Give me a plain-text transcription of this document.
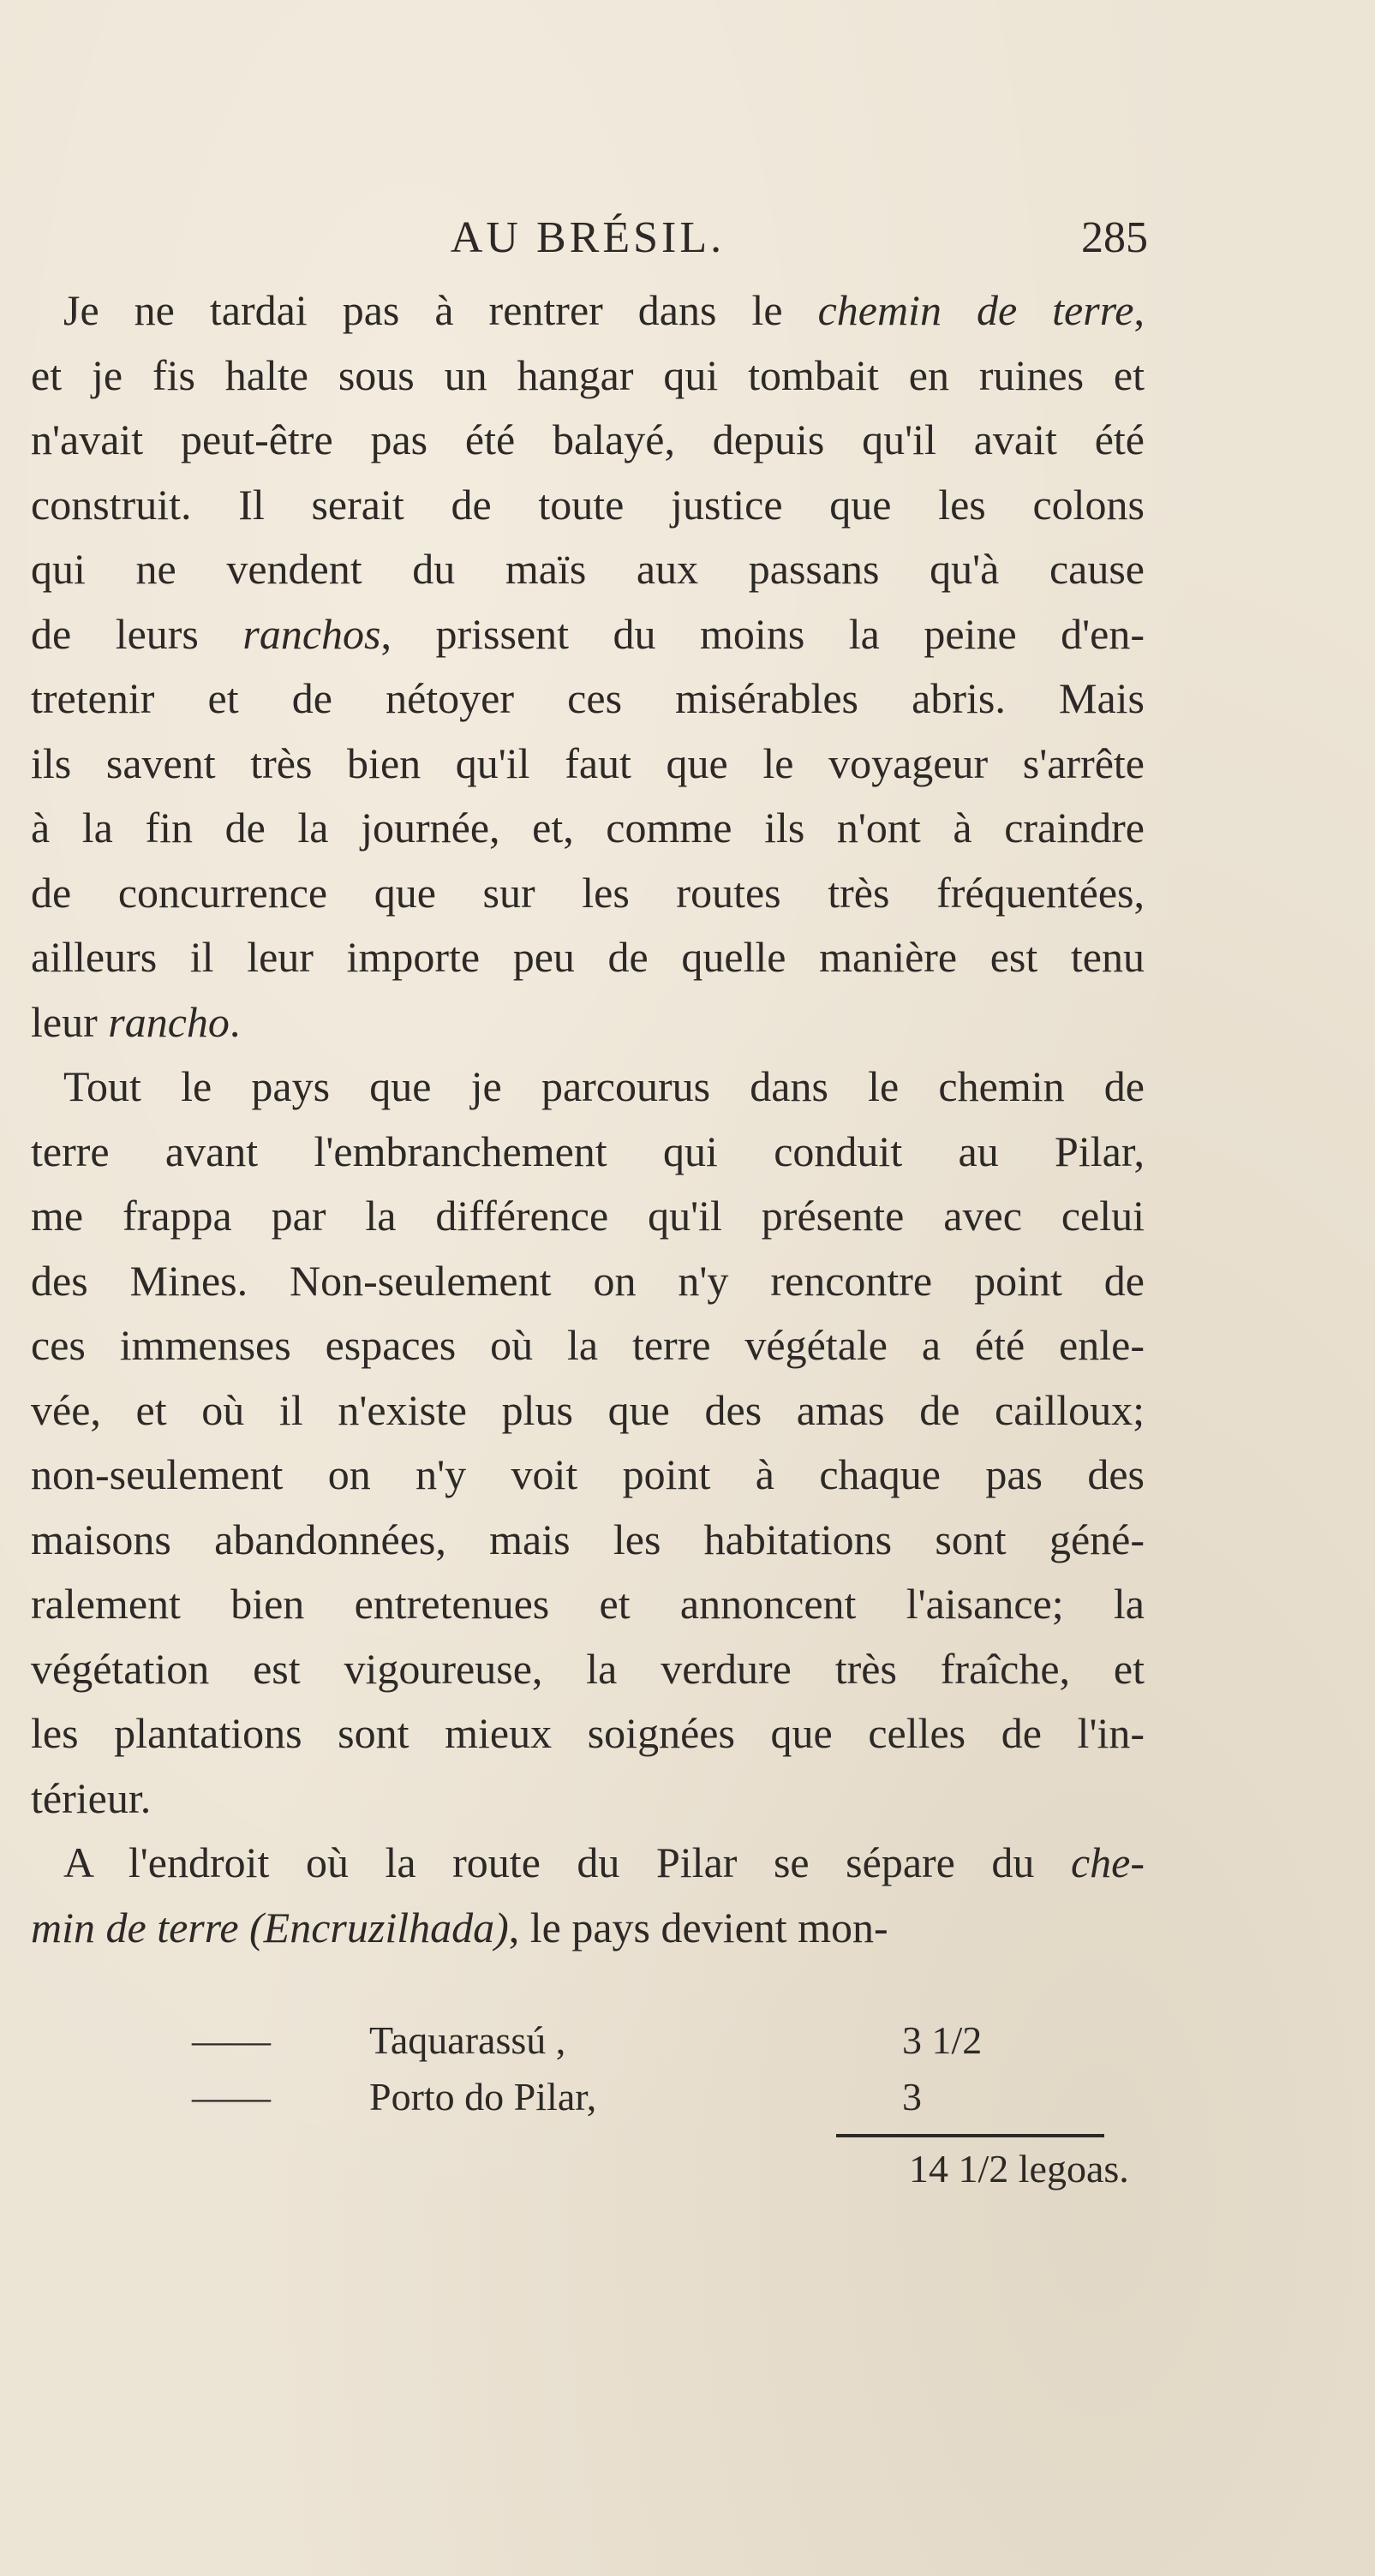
AU BRÉSIL.	285
Je ne tardai pas à rentrer dans le chemin de terre,
et je fis halte sous un hangar qui tombait en ruines et
n'avait peut-être pas été balayé, depuis qu'il avait été
construit. Il serait de toute justice que les colons
qui ne vendent du maïs aux passans qu'à cause
de leurs ranchos, prissent du moins la peine d'en-
tretenir et de nétoyer ces misérables abris. Mais
ils savent très bien qu'il faut que le voyageur s'arrête
à la fin de la journée, et, comme ils n'ont à craindre
de concurrence que sur les routes très fréquentées,
ailleurs il leur importe peu de quelle manière est tenu
leur rancho.
Tout le pays que je parcourus dans le chemin de
terre avant l'embranchement qui conduit au Pilar,
me frappa par la différence qu'il présente avec celui
des Mines. Non-seulement on n'y rencontre point de
ces immenses espaces où la terre végétale a été enle-
vée, et où il n'existe plus que des amas de cailloux;
non-seulement on n'y voit point à chaque pas des
maisons abandonnées, mais les habitations sont géné-
ralement bien entretenues et annoncent l'aisance; la
végétation est vigoureuse, la verdure très fraîche, et
les plantations sont mieux soignées que celles de l'in-
térieur.
A l'endroit où la route du Pilar se sépare du che-
min de terre (Encruzilhada), le pays devient mon-
——	Taquarassú ,	3 1/2
——	Porto do Pilar,	3
14 1/2 legoas.
